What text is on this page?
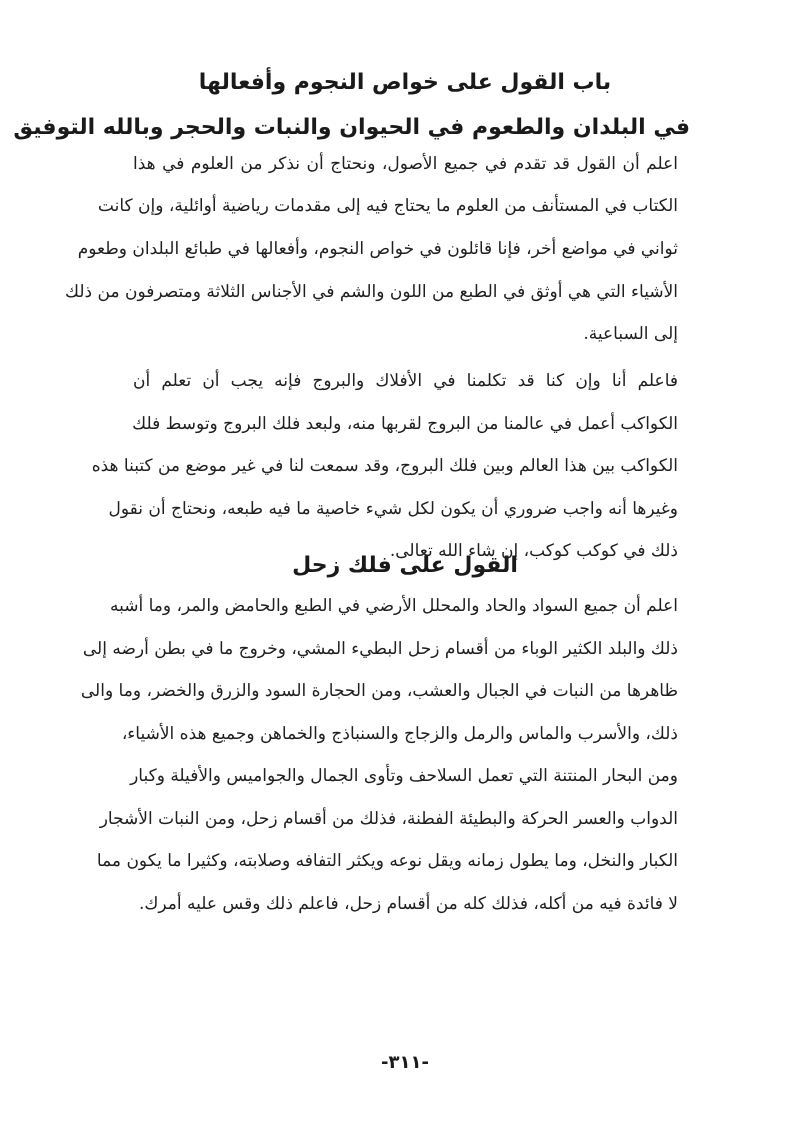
باب القول على خواص النجوم وأفعالها
في البلدان والطعوم في الحيوان والنبات والحجر وبالله التوفيق
اعلم أن القول قد تقدم في جميع الأصول، ونحتاج أن نذكر من العلوم في هذا
الكتاب في المستأنف من العلوم ما يحتاج فيه إلى مقدمات رياضية أوائلية، وإن كانت
ثواني في مواضع أخر، فإنا قائلون في خواص النجوم، وأفعالها في طبائع البلدان وطعوم
الأشياء التي هي أوثق في الطبع من اللون والشم في الأجناس الثلاثة ومتصرفون من ذلك
إلى السباعية.
فاعلم أنا وإن كنا قد تكلمنا في الأفلاك والبروج فإنه يجب أن تعلم أن
الكواكب أعمل في عالمنا من البروج لقربها منه، ولبعد فلك البروج وتوسط فلك
الكواكب بين هذا العالم وبين فلك البروج، وقد سمعت لنا في غير موضع من كتبنا هذه
وغيرها أنه واجب ضروري أن يكون لكل شيء خاصية ما فيه طبعه، ونحتاج أن نقول
القول على فلك زحل
اعلم أن جميع السواد والحاد والمحلل الأرضي في الطبع والحامض والمر، وما أشبه
ذلك والبلد الكثير الوباء من أقسام زحل البطيء المشي، وخروج ما في بطن أرضه إلى
ظاهرها من النبات في الجبال والعشب، ومن الحجارة السود والزرق والخضر، وما والى
ذلك، والأسرب والماس والرمل والزجاج والسنباذج والخماهن وجميع هذه الأشياء،
ومن البحار المنتنة التي تعمل السلاحف وتأوى الجمال والجواميس والأفيلة وكبار
الدواب والعسر الحركة والبطيئة الفطنة، فذلك من أقسام زحل، ومن النبات الأشجار
الكبار والنخل، وما يطول زمانه ويقل نوعه ويكثر التفافه وصلابته، وكثيرا ما يكون مما
لا فائدة فيه من أكله، فذلك كله من أقسام زحل، فاعلم ذلك وقس عليه أمرك.
-٣١١-
ذلك في كوكب كوكب، إن شاء الله تعالى.
